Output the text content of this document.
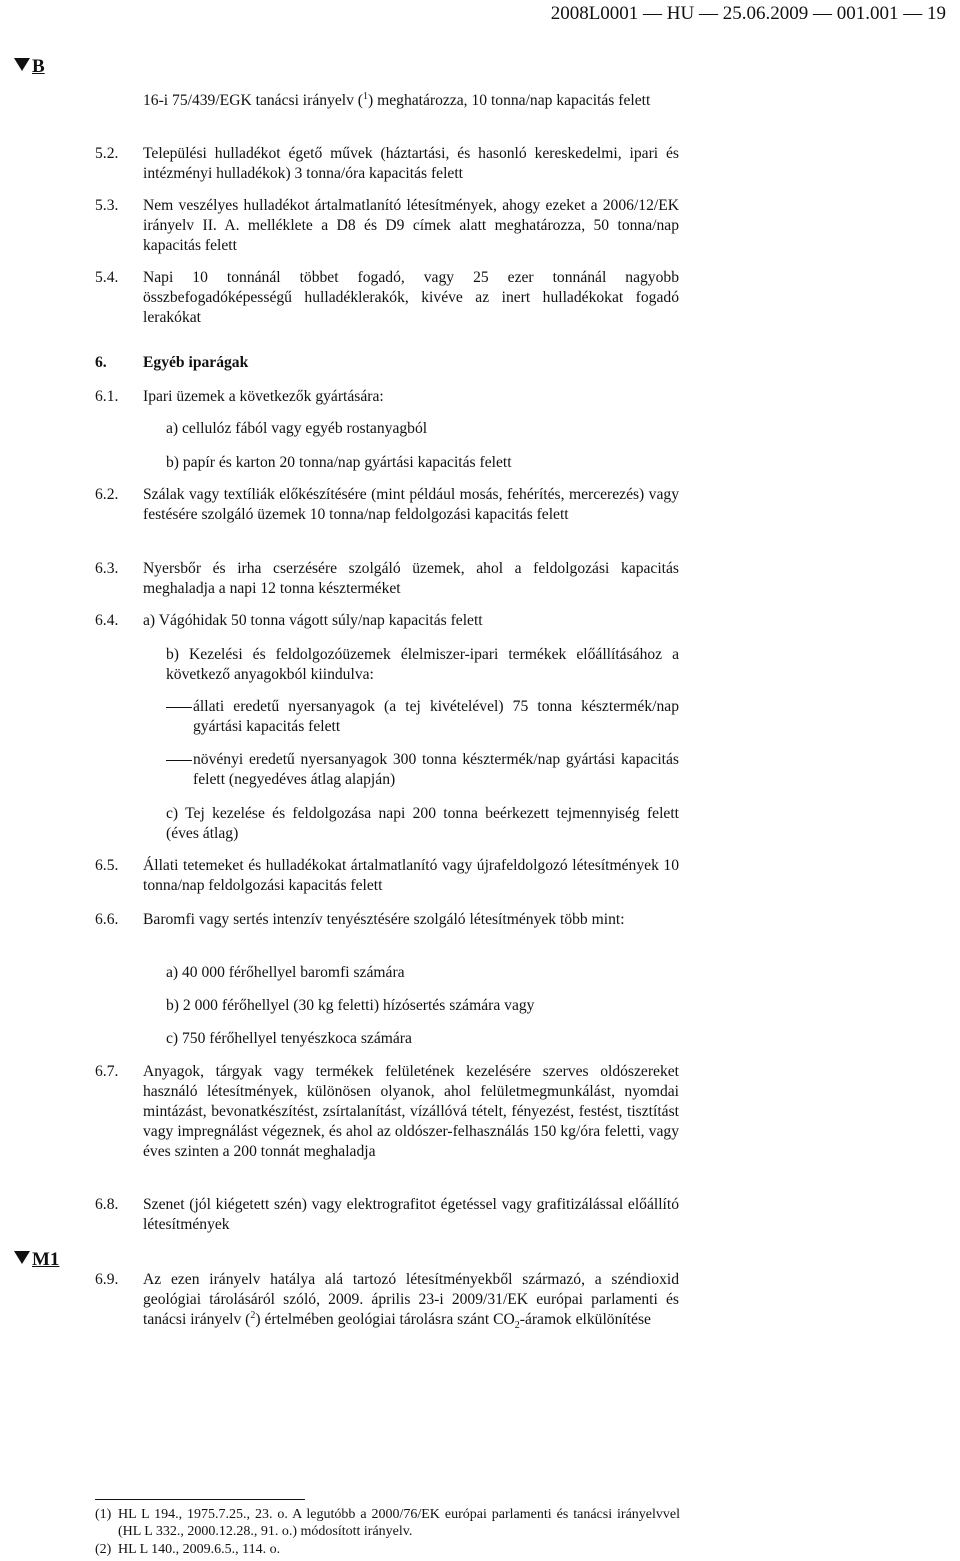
2008L0001 — HU — 25.06.2009 — 001.001 — 19
B
16-i 75/439/EGK tanácsi irányelv ($^1$) meghatározza, 10 tonna/nap kapacitás felett
5.2. Települési hulladékot égető művek (háztartási, és hasonló kereskedelmi, ipari és intézményi hulladékok) 3 tonna/óra kapacitás felett
5.3. Nem veszélyes hulladékot ártalmatlanító létesítmények, ahogy ezeket a 2006/12/EK irányelv II. A. melléklete a D8 és D9 címek alatt meghatározza, 50 tonna/nap kapacitás felett
5.4. Napi 10 tonnánál többet fogadó, vagy 25 ezer tonnánál nagyobb összbefogadóképességű hulladéklerakók, kivéve az inert hulladékokat fogadó lerakókat
6. Egyéb iparágak
6.1. Ipari üzemek a következők gyártására:
a) cellulóz fából vagy egyéb rostanyagból
b) papír és karton 20 tonna/nap gyártási kapacitás felett
6.2. Szálak vagy textíliák előkészítésére (mint például mosás, fehérítés, mercerezés) vagy festésére szolgáló üzemek 10 tonna/nap feldolgozási kapacitás felett
6.3. Nyersbőr és irha cserzésére szolgáló üzemek, ahol a feldolgozási kapacitás meghaladja a napi 12 tonna készterméket
6.4. a) Vágóhidak 50 tonna vágott súly/nap kapacitás felett
b) Kezelési és feldolgozóüzemek élelmiszer-ipari termékek előállításához a következő anyagokból kiindulva:
állati eredetű nyersanyagok (a tej kivételével) 75 tonna késztermék/nap gyártási kapacitás felett
növényi eredetű nyersanyagok 300 tonna késztermék/nap gyártási kapacitás felett (negyedéves átlag alapján)
c) Tej kezelése és feldolgozása napi 200 tonna beérkezett tejmennyiség felett (éves átlag)
6.5. Állati tetemeket és hulladékokat ártalmatlanító vagy újrafeldolgozó létesítmények 10 tonna/nap feldolgozási kapacitás felett
6.6. Baromfi vagy sertés intenzív tenyésztésére szolgáló létesítmények több mint:
a) 40 000 férőhellyel baromfi számára
b) 2 000 férőhellyel (30 kg feletti) hízósertés számára vagy
c) 750 férőhellyel tenyészkoca számára
6.7. Anyagok, tárgyak vagy termékek felületének kezelésére szerves oldószereket használó létesítmények, különösen olyanok, ahol felületmegmunkálást, nyomdai mintázást, bevonatkészítést, zsírtalanítást, vízállóvá tételt, fényezést, festést, tisztítást vagy impregnálást végeznek, és ahol az oldószer-felhasználás 150 kg/óra feletti, vagy éves szinten a 200 tonnát meghaladja
6.8. Szenet (jól kiégetett szén) vagy elektrografitot égetéssel vagy grafitizálással előállító létesítmények
M1
6.9. Az ezen irányelv hatálya alá tartozó létesítményekből származó, a széndioxid geológiai tárolásáról szóló, 2009. április 23-i 2009/31/EK európai parlamenti és tanácsi irányelv ($^2$) értelmében geológiai tárolásra szánt $CO_2$-áramok elkülönítése
(1) HL L 194., 1975.7.25., 23. o. A legutóbb a 2000/76/EK európai parlamenti és tanácsi irányelvvel (HL L 332., 2000.12.28., 91. o.) módosított irányelv.
(2) HL L 140., 2009.6.5., 114. o.
